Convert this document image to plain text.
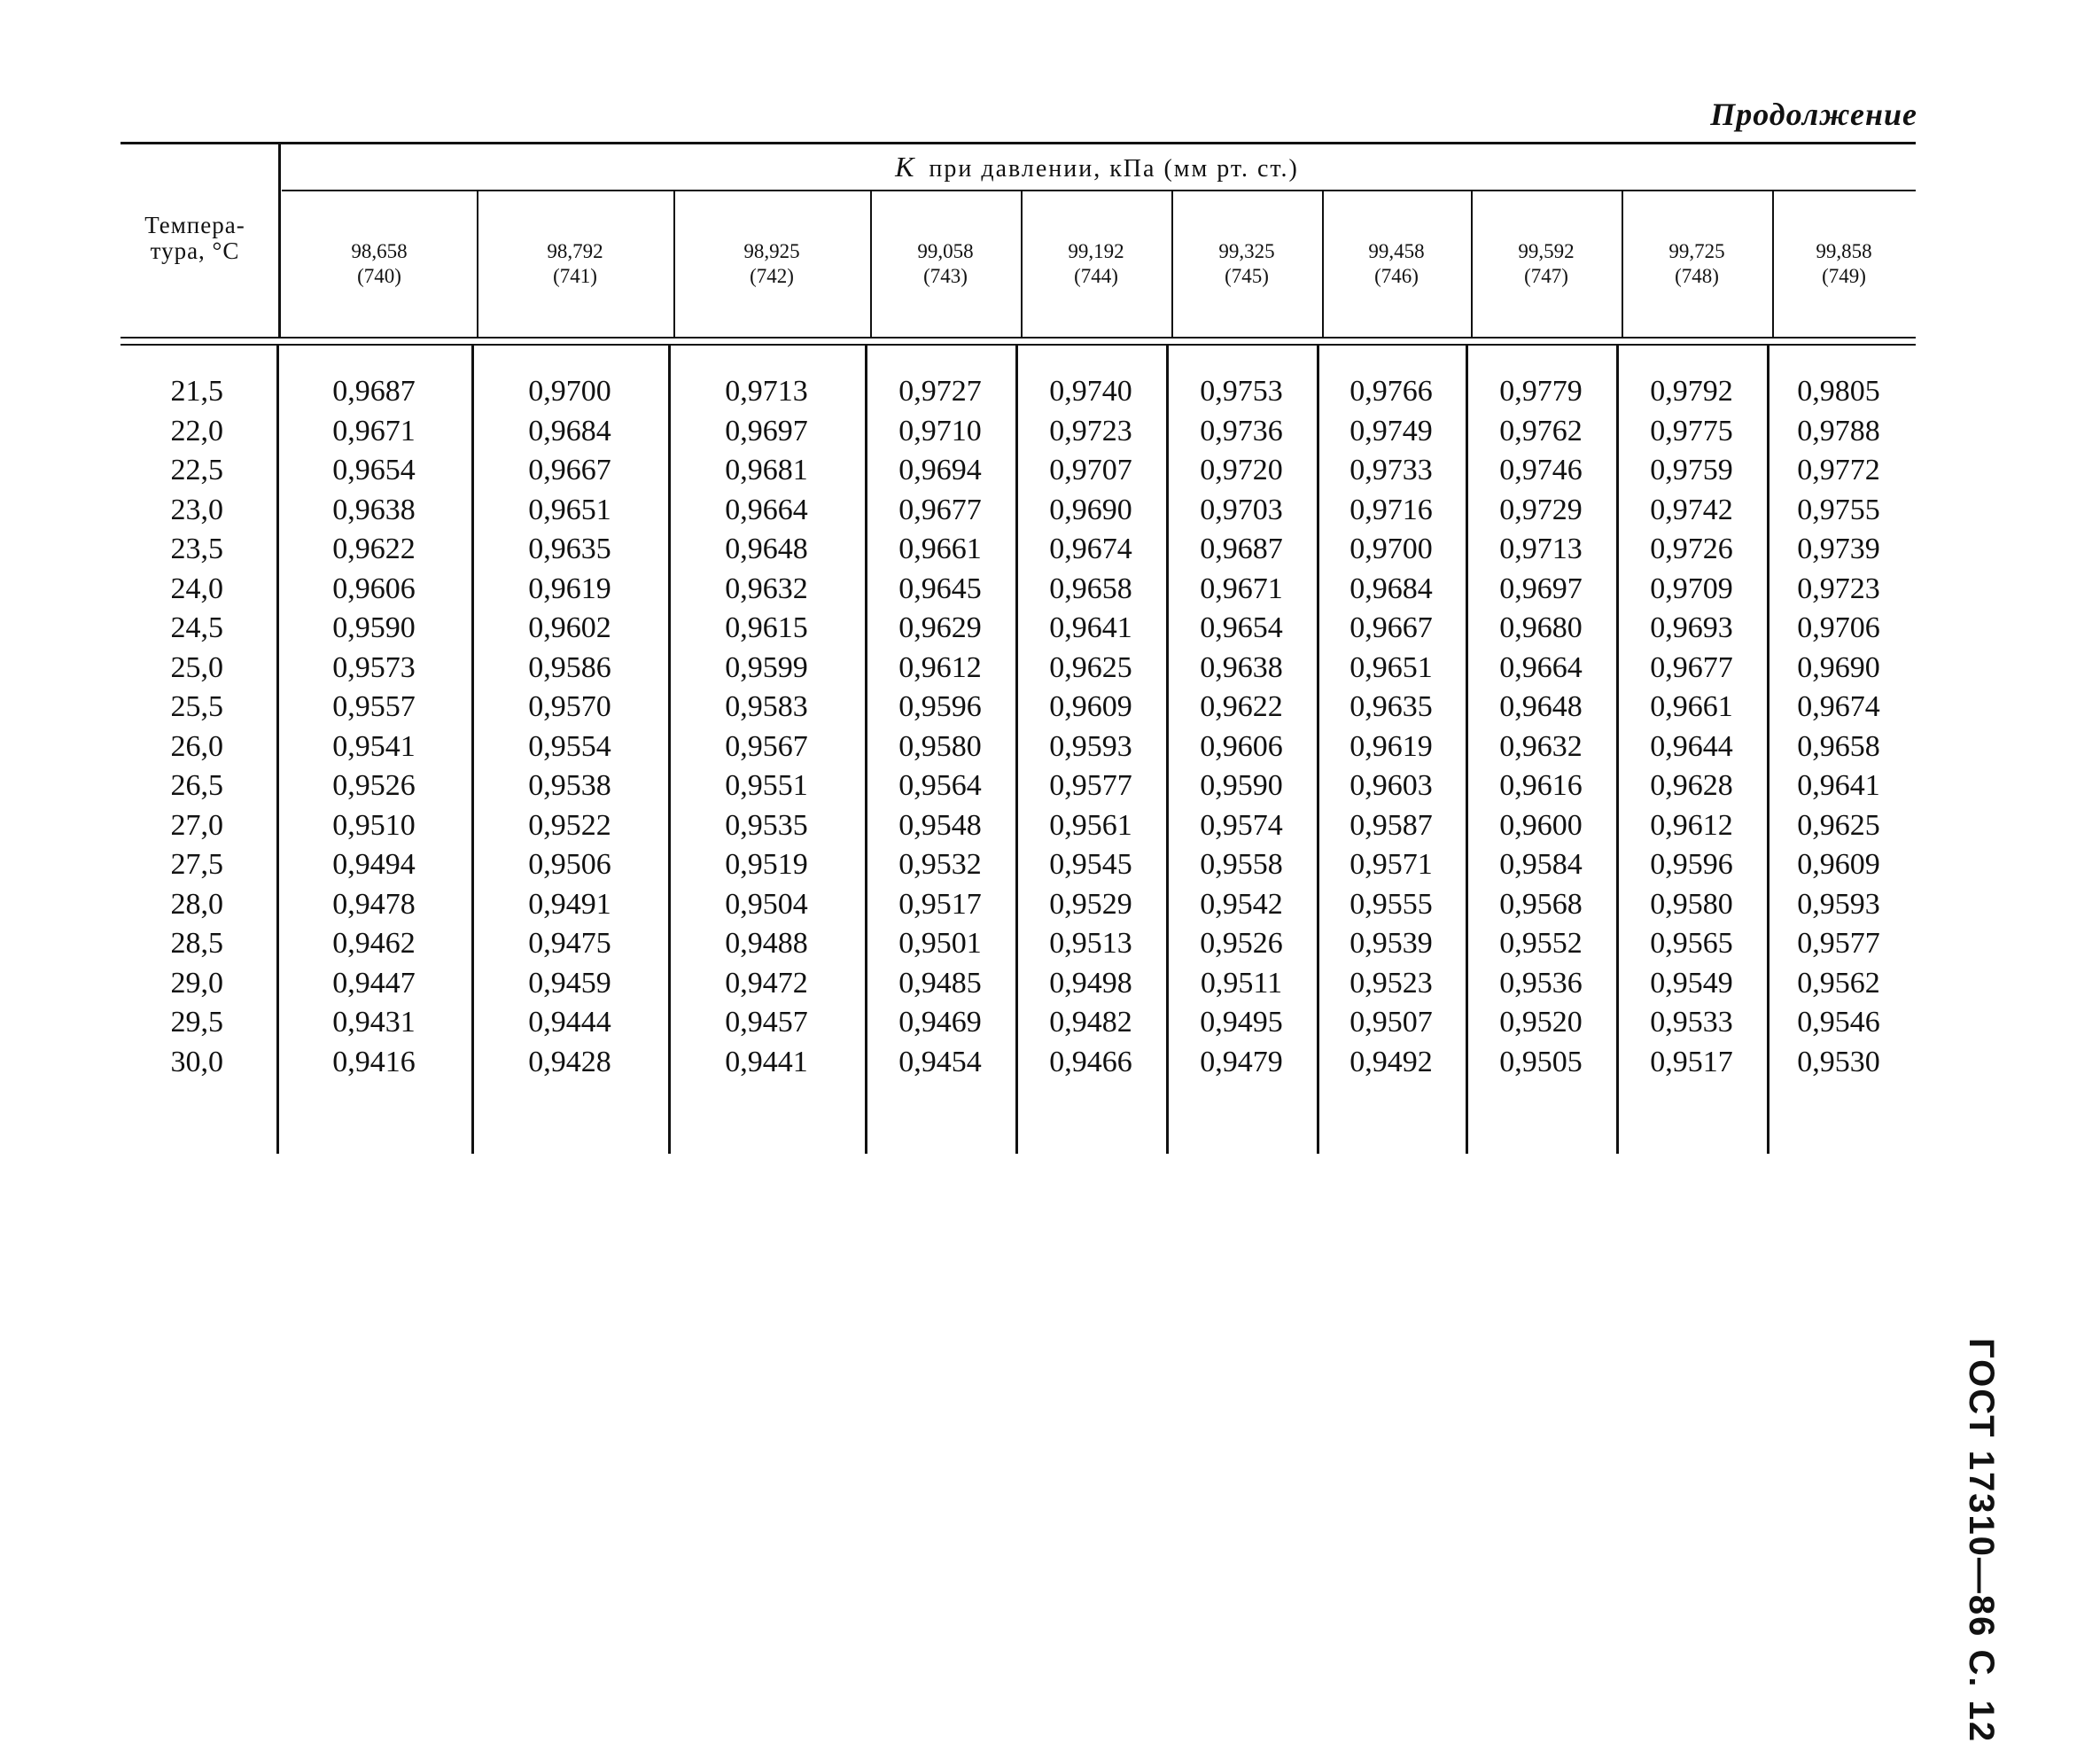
Продолжение
ГОСТ 17310—86 С. 12
К при давлении, кПа (мм рт. ст.)
Темпера-
тура, °С	98,658
(740)
98,792
(741)
98,925
(742)
99,058
(743)
99,192
(744)
99,325
(745)
99,458
(746)
99,592
(747)
99,725
(748)
99,858
(749)
21,5
22,0
22,5
23,0
23,5
24,0
24,5
25,0
25,5
26,0
26,5
27,0
27,5
28,0
28,5
29,0
29,5
30,0
0,9687
0,9671
0,9654
0,9638
0,9622
0,9606
0,9590
0,9573
0,9557
0,9541
0,9526
0,9510
0,9494
0,9478
0,9462
0,9447
0,9431
0,9416
0,9700
0,9684
0,9667
0,9651
0,9635
0,9619
0,9602
0,9586
0,9570
0,9554
0,9538
0,9522
0,9506
0,9491
0,9475
0,9459
0,9444
0,9428
0,9713
0,9697
0,9681
0,9664
0,9648
0,9632
0,9615
0,9599
0,9583
0,9567
0,9551
0,9535
0,9519
0,9504
0,9488
0,9472
0,9457
0,9441
0,9727
0,9710
0,9694
0,9677
0,9661
0,9645
0,9629
0,9612
0,9596
0,9580
0,9564
0,9548
0,9532
0,9517
0,9501
0,9485
0,9469
0,9454
0,9740
0,9723
0,9707
0,9690
0,9674
0,9658
0,9641
0,9625
0,9609
0,9593
0,9577
0,9561
0,9545
0,9529
0,9513
0,9498
0,9482
0,9466
0,9753
0,9736
0,9720
0,9703
0,9687
0,9671
0,9654
0,9638
0,9622
0,9606
0,9590
0,9574
0,9558
0,9542
0,9526
0,9511
0,9495
0,9479
0,9766
0,9749
0,9733
0,9716
0,9700
0,9684
0,9667
0,9651
0,9635
0,9619
0,9603
0,9587
0,9571
0,9555
0,9539
0,9523
0,9507
0,9492
0,9779
0,9762
0,9746
0,9729
0,9713
0,9697
0,9680
0,9664
0,9648
0,9632
0,9616
0,9600
0,9584
0,9568
0,9552
0,9536
0,9520
0,9505
0,9792
0,9775
0,9759
0,9742
0,9726
0,9709
0,9693
0,9677
0,9661
0,9644
0,9628
0,9612
0,9596
0,9580
0,9565
0,9549
0,9533
0,9517
0,9805
0,9788
0,9772
0,9755
0,9739
0,9723
0,9706
0,9690
0,9674
0,9658
0,9641
0,9625
0,9609
0,9593
0,9577
0,9562
0,9546
0,9530
